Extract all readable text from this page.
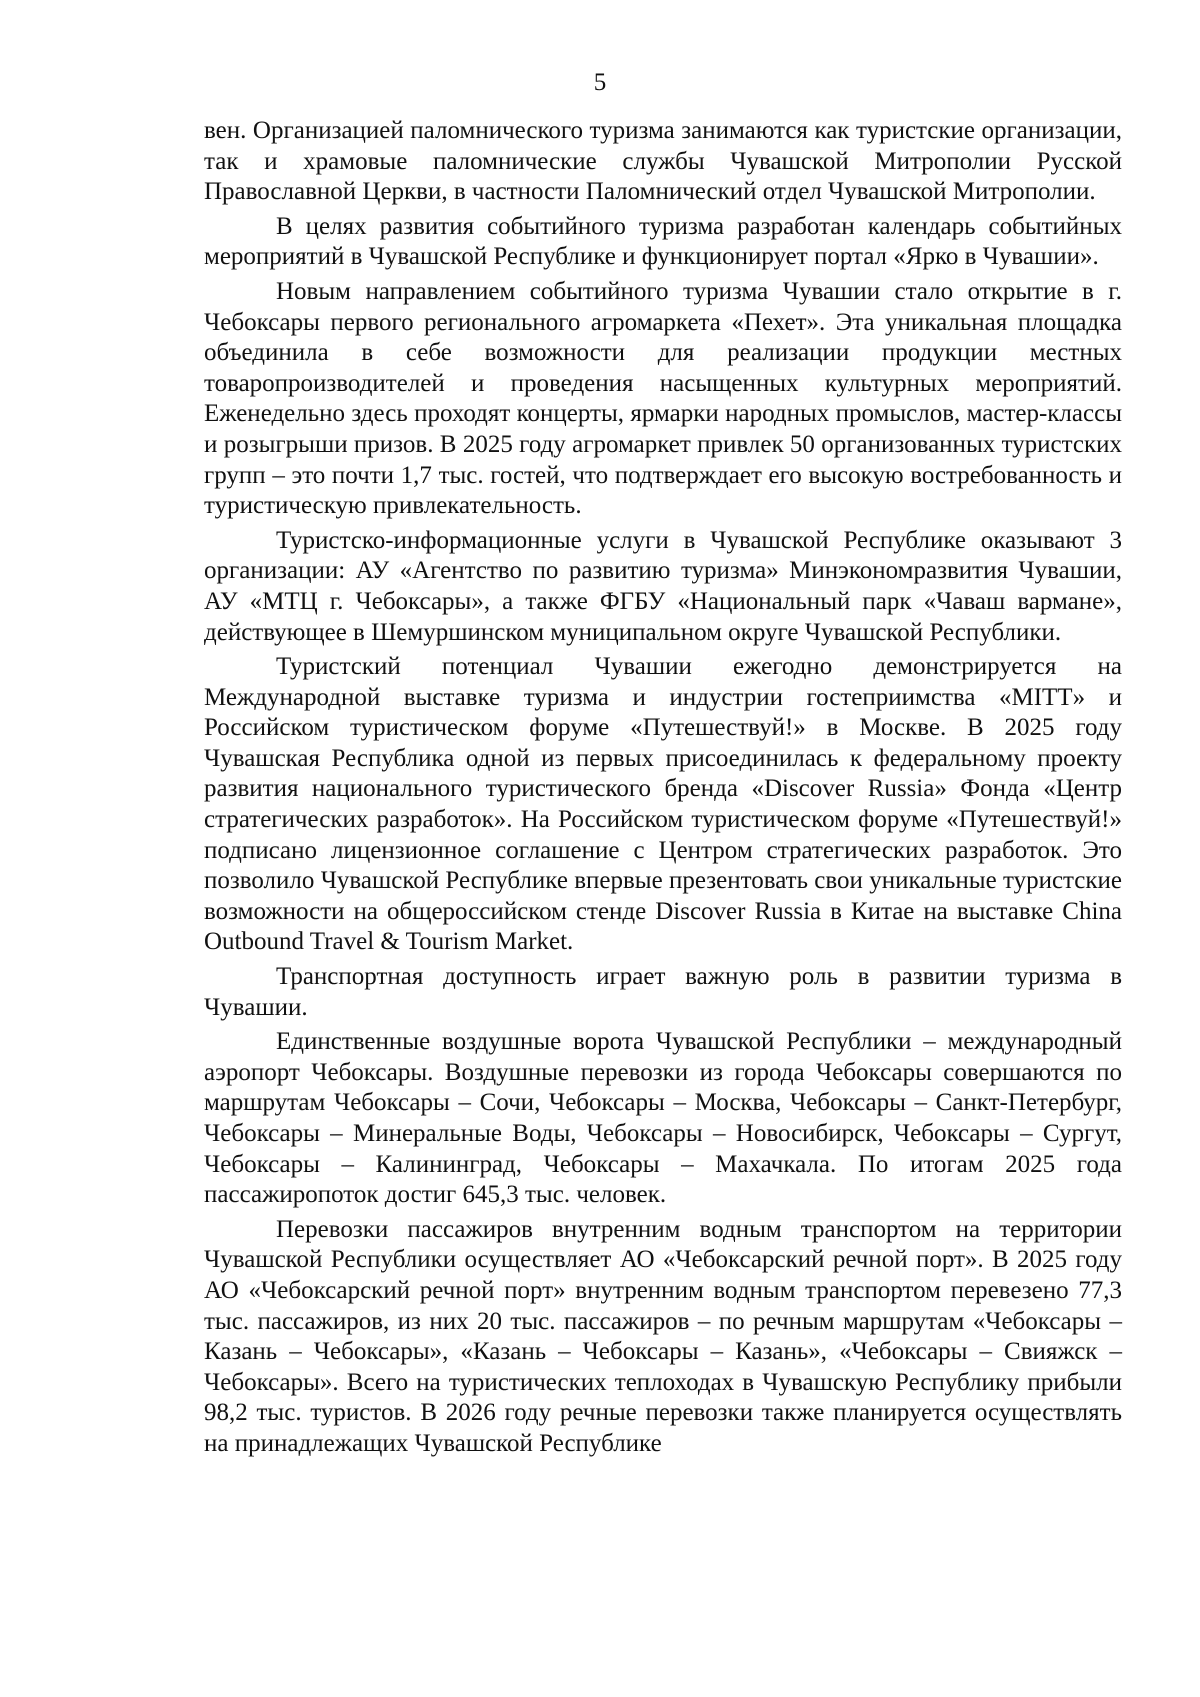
5

вен. Организацией паломнического туризма занимаются как туристские организации, так и храмовые паломнические службы Чувашской Митрополии Русской Православной Церкви, в частности Паломнический отдел Чувашской Митрополии.

В целях развития событийного туризма разработан календарь событийных мероприятий в Чувашской Республике и функционирует портал «Ярко в Чувашии».

Новым направлением событийного туризма Чувашии стало открытие в г. Чебоксары первого регионального агромаркета «Пехет». Эта уникальная площадка объединила в себе возможности для реализации продукции местных товаропроизводителей и проведения насыщенных культурных мероприятий. Еженедельно здесь проходят концерты, ярмарки народных промыслов, мастер-классы и розыгрыши призов. В 2025 году агромаркет привлек 50 организованных туристских групп – это почти 1,7 тыс. гостей, что подтверждает его высокую востребованность и туристическую привлекательность.

Туристско-информационные услуги в Чувашской Республике оказывают 3 организации: АУ «Агентство по развитию туризма» Минэкономразвития Чувашии, АУ «МТЦ г. Чебоксары», а также ФГБУ «Национальный парк «Чаваш вармане», действующее в Шемуршинском муниципальном округе Чувашской Республики.

Туристский потенциал Чувашии ежегодно демонстрируется на Международной выставке туризма и индустрии гостеприимства «MITT» и Российском туристическом форуме «Путешествуй!» в Москве. В 2025 году Чувашская Республика одной из первых присоединилась к федеральному проекту развития национального туристического бренда «Discover Russia» Фонда «Центр стратегических разработок». На Российском туристическом форуме «Путешествуй!» подписано лицензионное соглашение с Центром стратегических разработок. Это позволило Чувашской Республике впервые презентовать свои уникальные туристские возможности на общероссийском стенде Discover Russia в Китае на выставке China Outbound Travel & Tourism Market.

Транспортная доступность играет важную роль в развитии туризма в Чувашии.

Единственные воздушные ворота Чувашской Республики – международный аэропорт Чебоксары. Воздушные перевозки из города Чебоксары совершаются по маршрутам Чебоксары – Сочи, Чебоксары – Москва, Чебоксары – Санкт-Петербург, Чебоксары – Минеральные Воды, Чебоксары – Новосибирск, Чебоксары – Сургут, Чебоксары – Калининград, Чебоксары – Махачкала. По итогам 2025 года пассажиропоток достиг 645,3 тыс. человек.

Перевозки пассажиров внутренним водным транспортом на территории Чувашской Республики осуществляет АО «Чебоксарский речной порт». В 2025 году АО «Чебоксарский речной порт» внутренним водным транспортом перевезено 77,3 тыс. пассажиров, из них 20 тыс. пассажиров – по речным маршрутам «Чебоксары – Казань – Чебоксары», «Казань – Чебоксары – Казань», «Чебоксары – Свияжск – Чебоксары». Всего на туристических теплоходах в Чувашскую Республику прибыли 98,2 тыс. туристов. В 2026 году речные перевозки также планируется осуществлять на принадлежащих Чувашской Республике
